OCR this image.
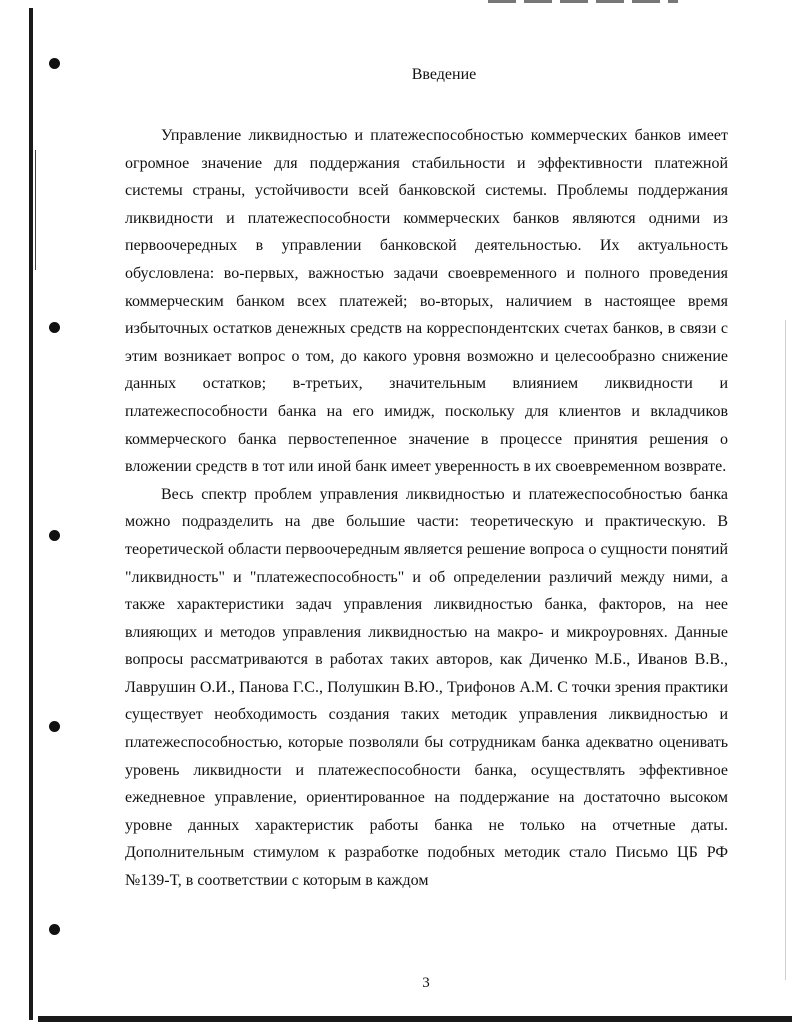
Введение

Управление ликвидностью и платежеспособностью коммерческих банков имеет огромное значение для поддержания стабильности и эффективности платежной системы страны, устойчивости всей банковской системы. Проблемы поддержания ликвидности и платежеспособности коммерческих банков являются одними из первоочередных в управлении банковской деятельностью. Их актуальность обусловлена: во-первых, важностью задачи своевременного и полного проведения коммерческим банком всех платежей; во-вторых, наличием в настоящее время избыточных остатков денежных средств на корреспондентских счетах банков, в связи с этим возникает вопрос о том, до какого уровня возможно и целесообразно снижение данных остатков; в-третьих, значительным влиянием ликвидности и платежеспособности банка на его имидж, поскольку для клиентов и вкладчиков коммерческого банка первостепенное значение в процессе принятия решения о вложении средств в тот или иной банк имеет уверенность в их своевременном возврате.

Весь спектр проблем управления ликвидностью и платежеспособностью банка можно подразделить на две большие части: теоретическую и практическую. В теоретической области первоочередным является решение вопроса о сущности понятий "ликвидность" и "платежеспособность" и об определении различий между ними, а также характеристики задач управления ликвидностью банка, факторов, на нее влияющих и методов управления ликвидностью на макро- и микроуровнях. Данные вопросы рассматриваются в работах таких авторов, как Диченко М.Б., Иванов В.В., Лаврушин О.И., Панова Г.С., Полушкин В.Ю., Трифонов А.М. С точки зрения практики существует необходимость создания таких методик управления ликвидностью и платежеспособностью, которые позволяли бы сотрудникам банка адекватно оценивать уровень ликвидности и платежеспособности банка, осуществлять эффективное ежедневное управление, ориентированное на поддержание на достаточно высоком уровне данных характеристик работы банка не только на отчетные даты. Дополнительным стимулом к разработке подобных методик стало Письмо ЦБ РФ №139-Т, в соответствии с которым в каждом

3
